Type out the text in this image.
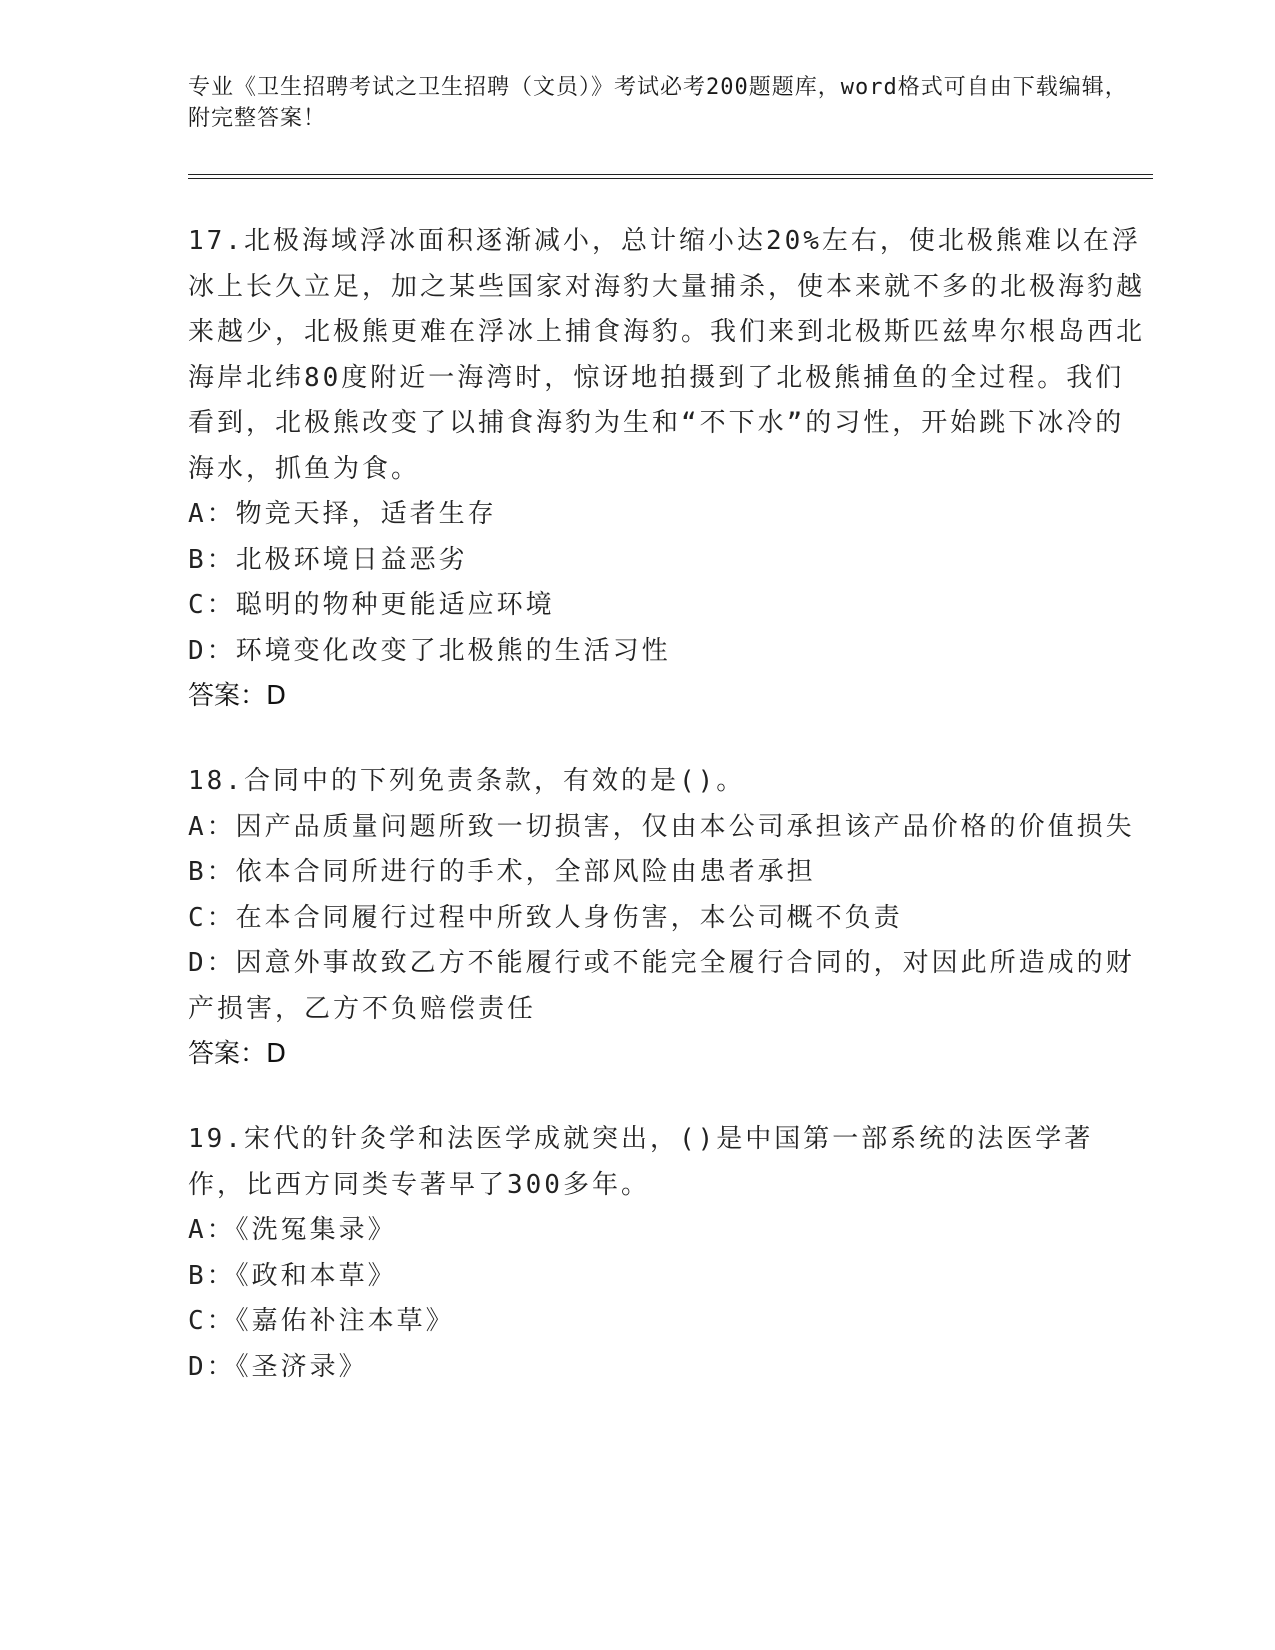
专业《卫生招聘考试之卫生招聘（文员）》考试必考200题题库，word格式可自由下载编辑，附完整答案！

17.北极海域浮冰面积逐渐减小，总计缩小达20%左右，使北极熊难以在浮冰上长久立足，加之某些国家对海豹大量捕杀，使本来就不多的北极海豹越来越少，北极熊更难在浮冰上捕食海豹。我们来到北极斯匹兹卑尔根岛西北海岸北纬80度附近一海湾时，惊讶地拍摄到了北极熊捕鱼的全过程。我们看到，北极熊改变了以捕食海豹为生和“不下水”的习性，开始跳下冰冷的海水，抓鱼为食。

A：物竞天择，适者生存

B：北极环境日益恶劣

C：聪明的物种更能适应环境

D：环境变化改变了北极熊的生活习性

答案：D

18.合同中的下列免责条款，有效的是()。

A：因产品质量问题所致一切损害，仅由本公司承担该产品价格的价值损失

B：依本合同所进行的手术，全部风险由患者承担

C：在本合同履行过程中所致人身伤害，本公司概不负责

D：因意外事故致乙方不能履行或不能完全履行合同的，对因此所造成的财产损害，乙方不负赔偿责任

答案：D

19.宋代的针灸学和法医学成就突出，()是中国第一部系统的法医学著作，比西方同类专著早了300多年。

A：《洗冤集录》

B：《政和本草》

C：《嘉佑补注本草》

D：《圣济录》
